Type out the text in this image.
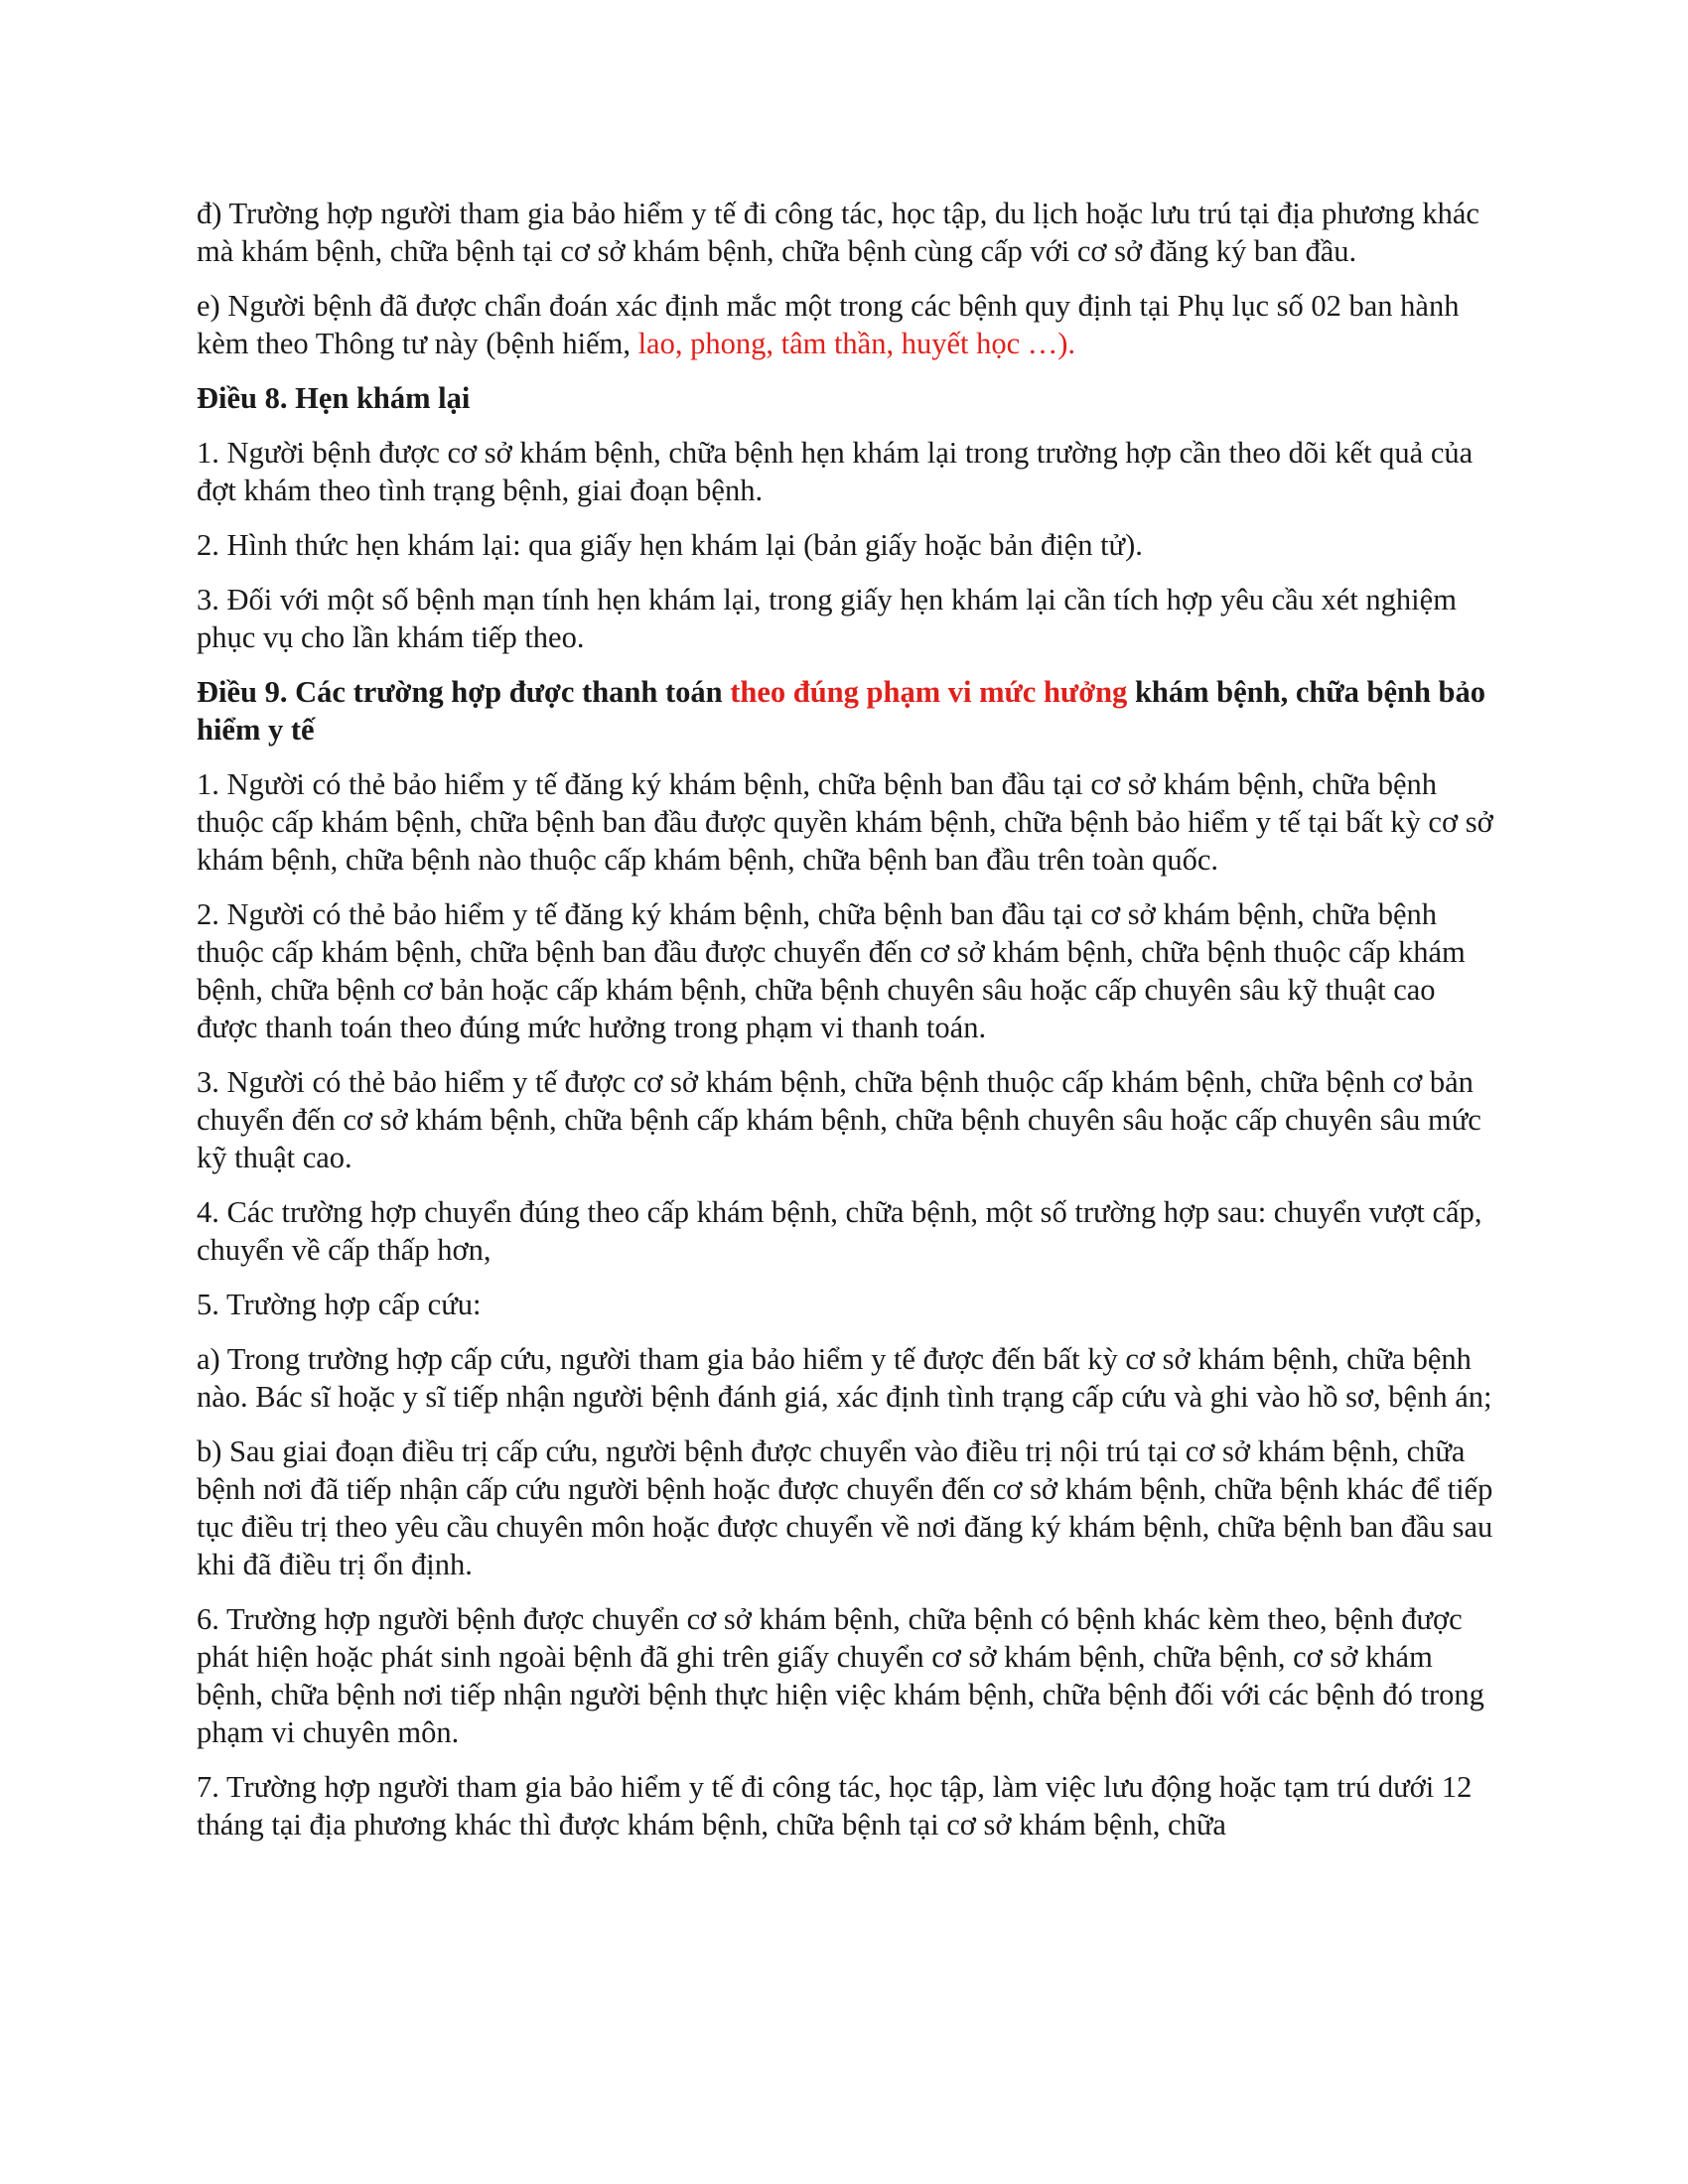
đ) Trường hợp người tham gia bảo hiểm y tế đi công tác, học tập, du lịch hoặc lưu trú tại địa phương khác mà khám bệnh, chữa bệnh tại cơ sở khám bệnh, chữa bệnh cùng cấp với cơ sở đăng ký ban đầu.

e) Người bệnh đã được chẩn đoán xác định mắc một trong các bệnh quy định tại Phụ lục số 02 ban hành kèm theo Thông tư này (bệnh hiếm, lao, phong, tâm thần, huyết học …).

Điều 8. Hẹn khám lại

1. Người bệnh được cơ sở khám bệnh, chữa bệnh hẹn khám lại trong trường hợp cần theo dõi kết quả của đợt khám theo tình trạng bệnh, giai đoạn bệnh.

2. Hình thức hẹn khám lại: qua giấy hẹn khám lại (bản giấy hoặc bản điện tử).

3. Đối với một số bệnh mạn tính hẹn khám lại, trong giấy hẹn khám lại cần tích hợp yêu cầu xét nghiệm phục vụ cho lần khám tiếp theo.

Điều 9. Các trường hợp được thanh toán theo đúng phạm vi mức hưởng khám bệnh, chữa bệnh bảo hiểm y tế

1. Người có thẻ bảo hiểm y tế đăng ký khám bệnh, chữa bệnh ban đầu tại cơ sở khám bệnh, chữa bệnh thuộc cấp khám bệnh, chữa bệnh ban đầu được quyền khám bệnh, chữa bệnh bảo hiểm y tế tại bất kỳ cơ sở khám bệnh, chữa bệnh nào thuộc cấp khám bệnh, chữa bệnh ban đầu trên toàn quốc.

2. Người có thẻ bảo hiểm y tế đăng ký khám bệnh, chữa bệnh ban đầu tại cơ sở khám bệnh, chữa bệnh thuộc cấp khám bệnh, chữa bệnh ban đầu được chuyển đến cơ sở khám bệnh, chữa bệnh thuộc cấp khám bệnh, chữa bệnh cơ bản hoặc cấp khám bệnh, chữa bệnh chuyên sâu hoặc cấp chuyên sâu kỹ thuật cao được thanh toán theo đúng mức hưởng trong phạm vi thanh toán.

3. Người có thẻ bảo hiểm y tế được cơ sở khám bệnh, chữa bệnh thuộc cấp khám bệnh, chữa bệnh cơ bản chuyển đến cơ sở khám bệnh, chữa bệnh cấp khám bệnh, chữa bệnh chuyên sâu hoặc cấp chuyên sâu mức kỹ thuật cao.

4. Các trường hợp chuyển đúng theo cấp khám bệnh, chữa bệnh, một số trường hợp sau: chuyển vượt cấp, chuyển về cấp thấp hơn,

5. Trường hợp cấp cứu:

a) Trong trường hợp cấp cứu, người tham gia bảo hiểm y tế được đến bất kỳ cơ sở khám bệnh, chữa bệnh nào. Bác sĩ hoặc y sĩ tiếp nhận người bệnh đánh giá, xác định tình trạng cấp cứu và ghi vào hồ sơ, bệnh án;

b) Sau giai đoạn điều trị cấp cứu, người bệnh được chuyển vào điều trị nội trú tại cơ sở khám bệnh, chữa bệnh nơi đã tiếp nhận cấp cứu người bệnh hoặc được chuyển đến cơ sở khám bệnh, chữa bệnh khác để tiếp tục điều trị theo yêu cầu chuyên môn hoặc được chuyển về nơi đăng ký khám bệnh, chữa bệnh ban đầu sau khi đã điều trị ổn định.

6. Trường hợp người bệnh được chuyển cơ sở khám bệnh, chữa bệnh có bệnh khác kèm theo, bệnh được phát hiện hoặc phát sinh ngoài bệnh đã ghi trên giấy chuyển cơ sở khám bệnh, chữa bệnh, cơ sở khám bệnh, chữa bệnh nơi tiếp nhận người bệnh thực hiện việc khám bệnh, chữa bệnh đối với các bệnh đó trong phạm vi chuyên môn.

7. Trường hợp người tham gia bảo hiểm y tế đi công tác, học tập, làm việc lưu động hoặc tạm trú dưới 12 tháng tại địa phương khác thì được khám bệnh, chữa bệnh tại cơ sở khám bệnh, chữa
